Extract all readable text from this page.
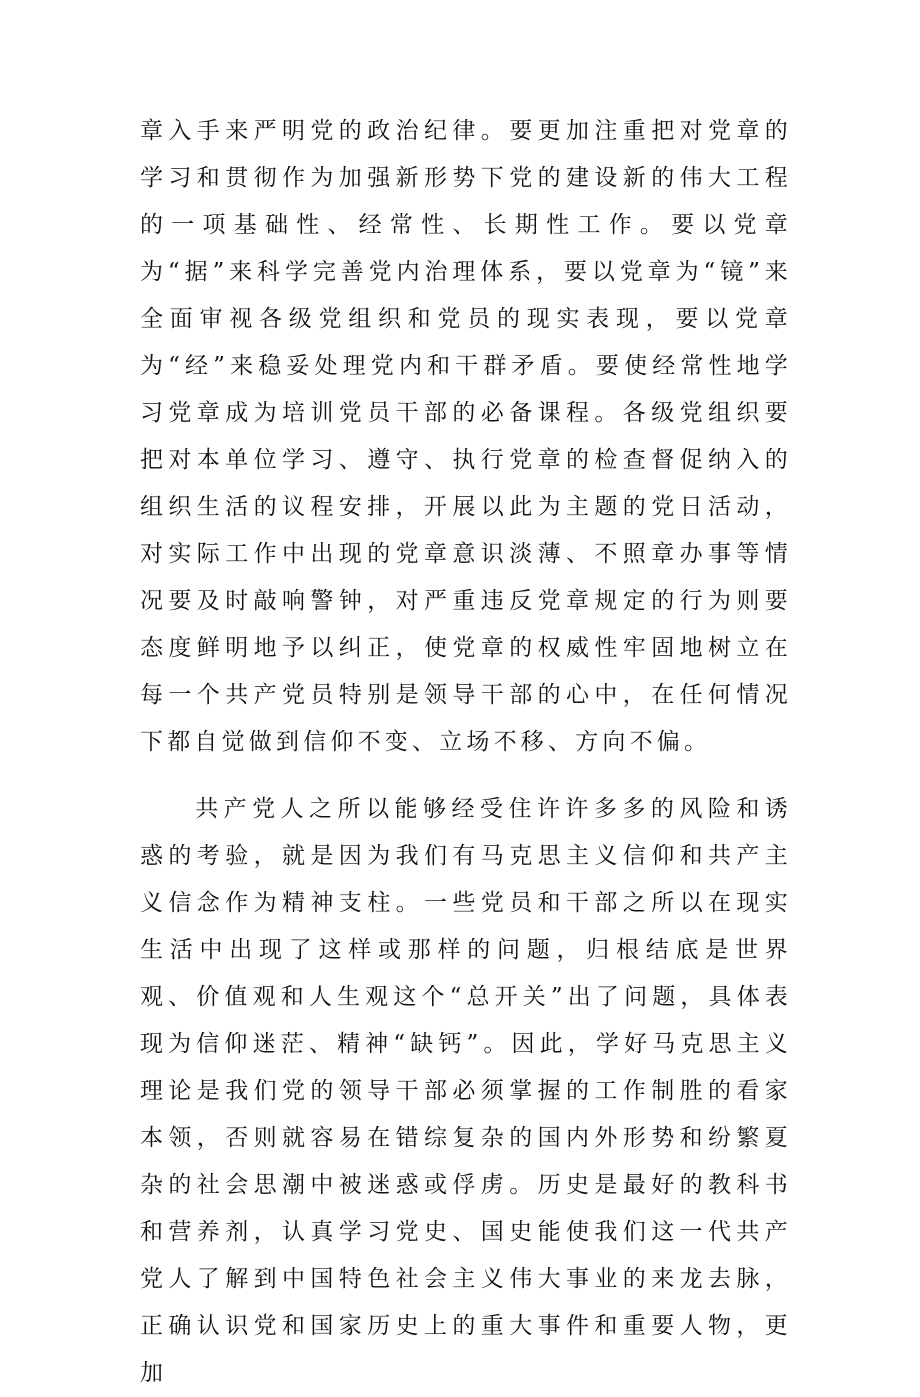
章入手来严明党的政治纪律。要更加注重把对党章的学习和贯彻作为加强新形势下党的建设新的伟大工程的一项基础性、经常性、长期性工作。要以党章为“据”来科学完善党内治理体系，要以党章为“镜”来全面审视各级党组织和党员的现实表现，要以党章为“经”来稳妥处理党内和干群矛盾。要使经常性地学习党章成为培训党员干部的必备课程。各级党组织要把对本单位学习、遵守、执行党章的检查督促纳入的组织生活的议程安排，开展以此为主题的党日活动，对实际工作中出现的党章意识淡薄、不照章办事等情况要及时敲响警钟，对严重违反党章规定的行为则要态度鲜明地予以纠正，使党章的权威性牢固地树立在每一个共产党员特别是领导干部的心中，在任何情况下都自觉做到信仰不变、立场不移、方向不偏。

共产党人之所以能够经受住许许多多的风险和诱惑的考验，就是因为我们有马克思主义信仰和共产主义信念作为精神支柱。一些党员和干部之所以在现实生活中出现了这样或那样的问题，归根结底是世界观、价值观和人生观这个“总开关”出了问题，具体表现为信仰迷茫、精神“缺钙”。因此，学好马克思主义理论是我们党的领导干部必须掌握的工作制胜的看家本领，否则就容易在错综复杂的国内外形势和纷繁夏杂的社会思潮中被迷惑或俘虏。历史是最好的教科书和营养剂，认真学习党史、国史能使我们这一代共产党人了解到中国特色社会主义伟大事业的来龙去脉，正确认识党和国家历史上的重大事件和重要人物，更加
